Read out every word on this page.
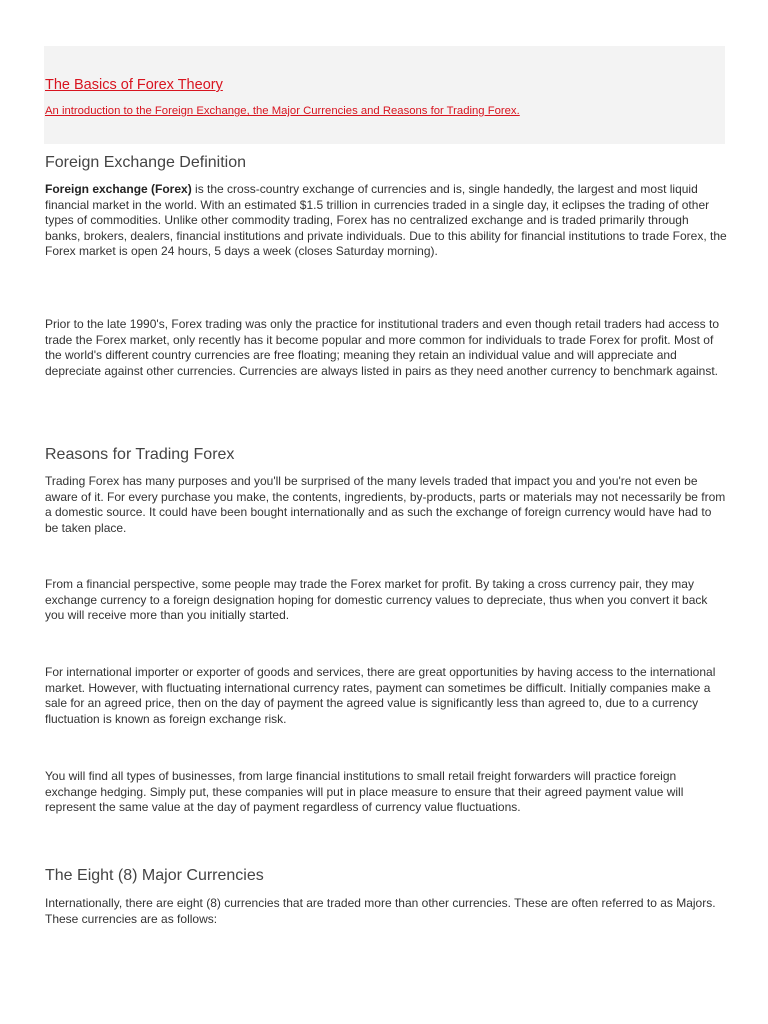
The Basics of Forex Theory

An introduction to the Foreign Exchange, the Major Currencies and Reasons for Trading Forex.

Foreign Exchange Definition

Foreign exchange (Forex) is the cross-country exchange of currencies and is, single handedly, the largest and most liquid financial market in the world. With an estimated $1.5 trillion in currencies traded in a single day, it eclipses the trading of other types of commodities. Unlike other commodity trading, Forex has no centralized exchange and is traded primarily through banks, brokers, dealers, financial institutions and private individuals. Due to this ability for financial institutions to trade Forex, the Forex market is open 24 hours, 5 days a week (closes Saturday morning).

Prior to the late 1990's, Forex trading was only the practice for institutional traders and even though retail traders had access to trade the Forex market, only recently has it become popular and more common for individuals to trade Forex for profit. Most of the world's different country currencies are free floating; meaning they retain an individual value and will appreciate and depreciate against other currencies. Currencies are always listed in pairs as they need another currency to benchmark against.

Reasons for Trading Forex

Trading Forex has many purposes and you'll be surprised of the many levels traded that impact you and you're not even be aware of it. For every purchase you make, the contents, ingredients, by-products, parts or materials may not necessarily be from a domestic source. It could have been bought internationally and as such the exchange of foreign currency would have had to be taken place.

From a financial perspective, some people may trade the Forex market for profit. By taking a cross currency pair, they may exchange currency to a foreign designation hoping for domestic currency values to depreciate, thus when you convert it back you will receive more than you initially started.

For international importer or exporter of goods and services, there are great opportunities by having access to the international market. However, with fluctuating international currency rates, payment can sometimes be difficult. Initially companies make a sale for an agreed price, then on the day of payment the agreed value is significantly less than agreed to, due to a currency fluctuation is known as foreign exchange risk.

You will find all types of businesses, from large financial institutions to small retail freight forwarders will practice foreign exchange hedging. Simply put, these companies will put in place measure to ensure that their agreed payment value will represent the same value at the day of payment regardless of currency value fluctuations.

The Eight (8) Major Currencies

Internationally, there are eight (8) currencies that are traded more than other currencies. These are often referred to as Majors. These currencies are as follows:
